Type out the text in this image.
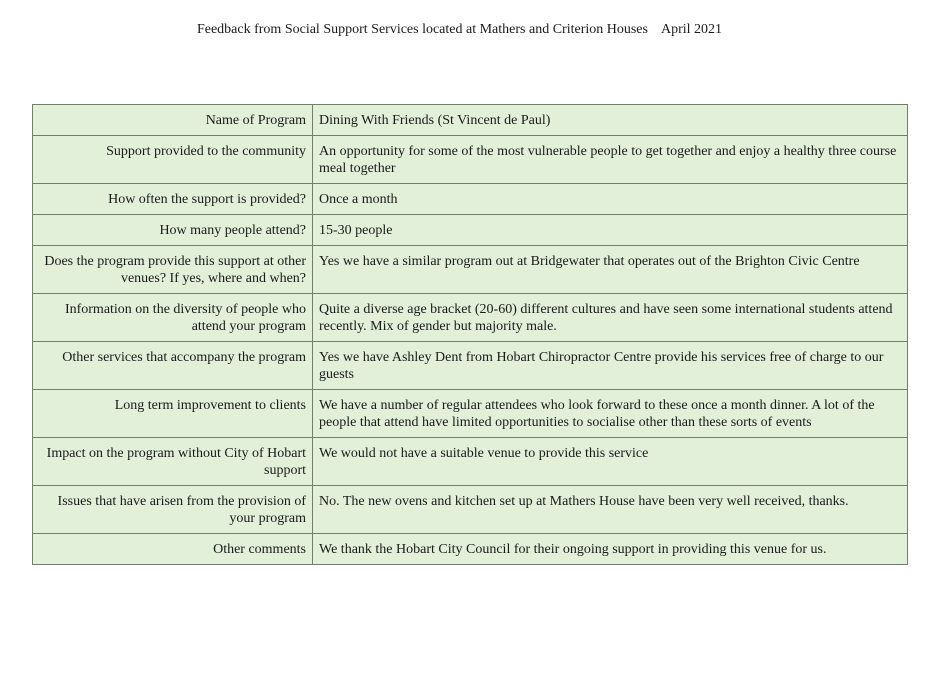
Feedback from Social Support Services located at Mathers and Criterion Houses April 2021
Name of Program	Dining With Friends (St Vincent de Paul)
Support provided to the community	An opportunity for some of the most vulnerable people to get together and enjoy a healthy three course meal together
How often the support is provided?	Once a month
How many people attend?	15-30 people
Does the program provide this support at other venues? If yes, where and when?	Yes we have a similar program out at Bridgewater that operates out of the Brighton Civic Centre
Information on the diversity of people who attend your program	Quite a diverse age bracket (20-60) different cultures and have seen some international students attend recently. Mix of gender but majority male.
Other services that accompany the program	Yes we have Ashley Dent from Hobart Chiropractor Centre provide his services free of charge to our guests
Long term improvement to clients	We have a number of regular attendees who look forward to these once a month dinner. A lot of the people that attend have limited opportunities to socialise other than these sorts of events
Impact on the program without City of Hobart support	We would not have a suitable venue to provide this service
Issues that have arisen from the provision of your program	No. The new ovens and kitchen set up at Mathers House have been very well received, thanks.
Other comments	We thank the Hobart City Council for their ongoing support in providing this venue for us.
